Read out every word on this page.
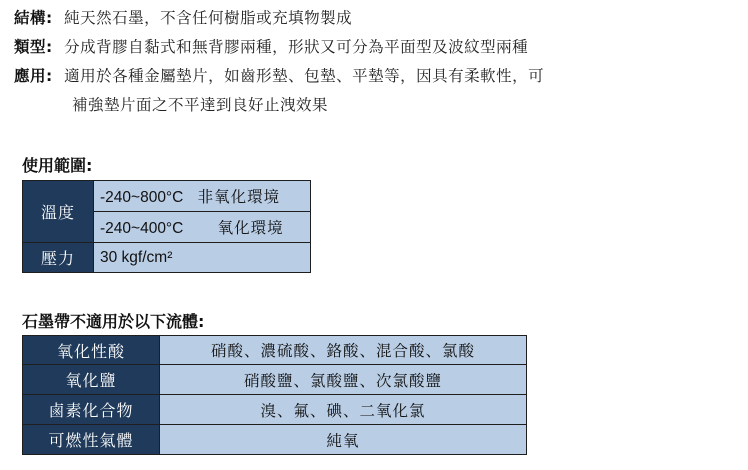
結構: 純天然石墨，不含任何樹脂或充填物製成
類型: 分成背膠自黏式和無背膠兩種，形狀又可分為平面型及波紋型兩種
應用: 適用於各種金屬墊片，如齒形墊、包墊、平墊等，因具有柔軟性，可
補強墊片面之不平達到良好止洩效果
使用範圍:
溫度	-240~800°C 非氧化環境
	-240~400°C 氧化環境
壓力	30 kgf/cm²
石墨帶不適用於以下流體:
氧化性酸	硝酸、濃硫酸、鉻酸、混合酸、氯酸
氧化鹽	硝酸鹽、氯酸鹽、次氯酸鹽
鹵素化合物	溴、氟、碘、二氧化氯
可燃性氣體	純氧
